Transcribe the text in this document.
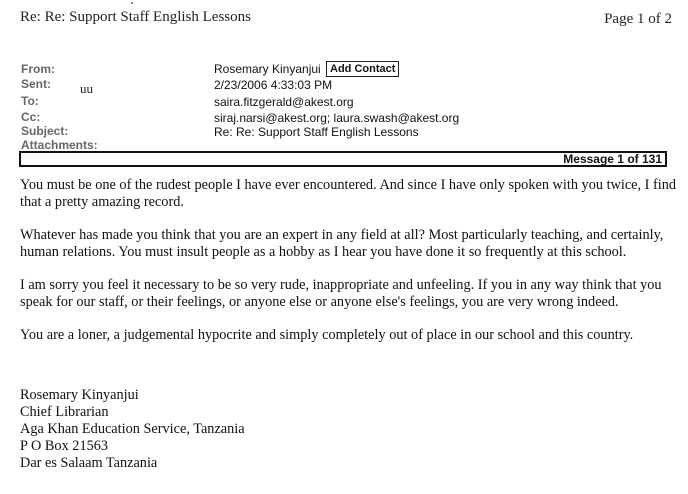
Re: Re: Support Staff English Lessons	Page 1 of 2
From:	Rosemary Kinyanjui Add Contact
Sent: uu	2/23/2006 4:33:03 PM
To:	saira.fitzgerald@akest.org
Cc:	siraj.narsi@akest.org; laura.swash@akest.org
Subject:	Re: Re: Support Staff English Lessons
Attachments:
Message 1 of 131

You must be one of the rudest people I have ever encountered. And since I have only spoken with you twice, I find that a pretty amazing record.

Whatever has made you think that you are an expert in any field at all? Most particularly teaching, and certainly, human relations. You must insult people as a hobby as I hear you have done it so frequently at this school.

I am sorry you feel it necessary to be so very rude, inappropriate and unfeeling. If you in any way think that you speak for our staff, or their feelings, or anyone else or anyone else's feelings, you are very wrong indeed.

You are a loner, a judgemental hypocrite and simply completely out of place in our school and this country.

Rosemary Kinyanjui
Chief Librarian
Aga Khan Education Service, Tanzania
P O Box 21563
Dar es Salaam Tanzania
